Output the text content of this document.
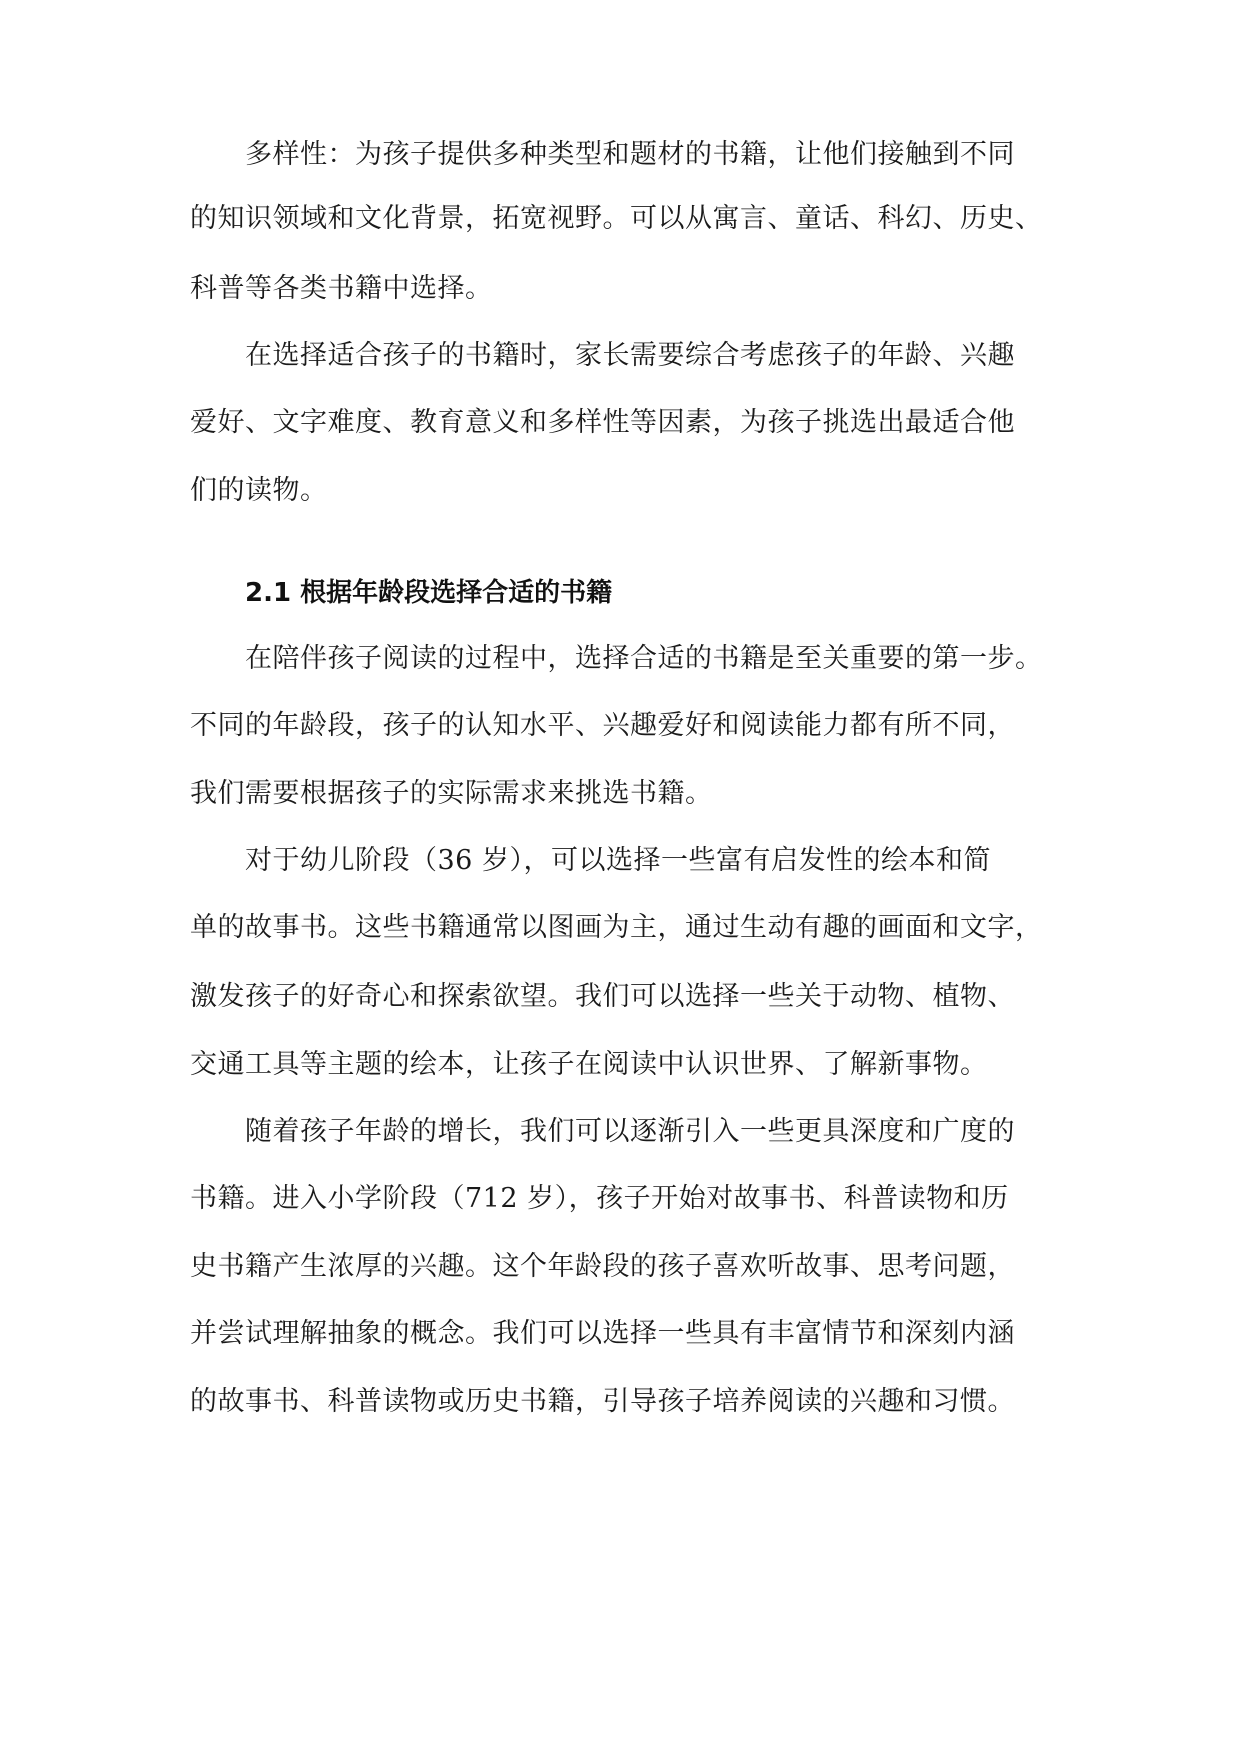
多样性：为孩子提供多种类型和题材的书籍，让他们接触到不同
的知识领域和文化背景，拓宽视野。可以从寓言、童话、科幻、历史、
科普等各类书籍中选择。
在选择适合孩子的书籍时，家长需要综合考虑孩子的年龄、兴趣
爱好、文字难度、教育意义和多样性等因素，为孩子挑选出最适合他
们的读物。
2.1 根据年龄段选择合适的书籍
在陪伴孩子阅读的过程中，选择合适的书籍是至关重要的第一步。
不同的年龄段，孩子的认知水平、兴趣爱好和阅读能力都有所不同，
我们需要根据孩子的实际需求来挑选书籍。
对于幼儿阶段（36 岁），可以选择一些富有启发性的绘本和简
单的故事书。这些书籍通常以图画为主，通过生动有趣的画面和文字，
激发孩子的好奇心和探索欲望。我们可以选择一些关于动物、植物、
交通工具等主题的绘本，让孩子在阅读中认识世界、了解新事物。
随着孩子年龄的增长，我们可以逐渐引入一些更具深度和广度的
书籍。进入小学阶段（712 岁），孩子开始对故事书、科普读物和历
史书籍产生浓厚的兴趣。这个年龄段的孩子喜欢听故事、思考问题，
并尝试理解抽象的概念。我们可以选择一些具有丰富情节和深刻内涵
的故事书、科普读物或历史书籍，引导孩子培养阅读的兴趣和习惯。
